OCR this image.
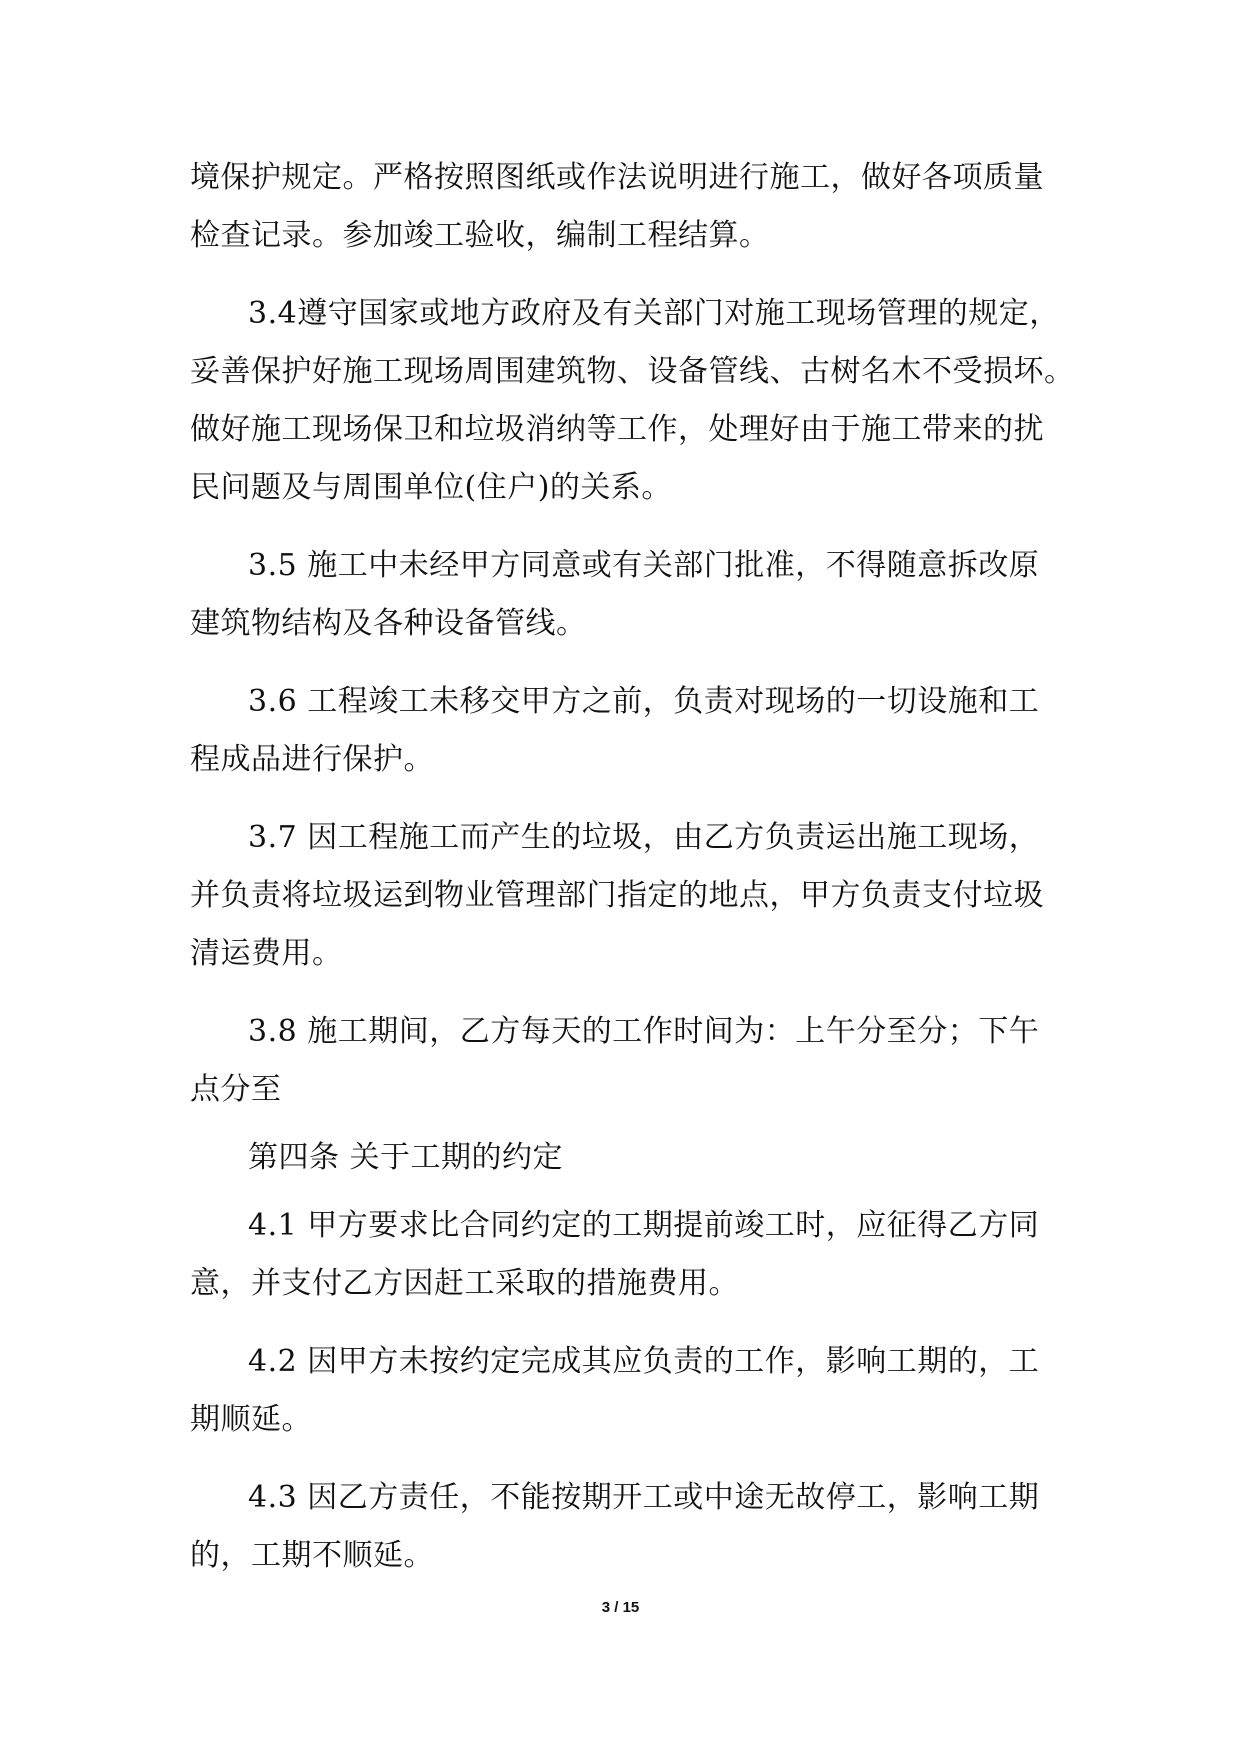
境保护规定。严格按照图纸或作法说明进行施工，做好各项质量
检查记录。参加竣工验收，编制工程结算。
3.4遵守国家或地方政府及有关部门对施工现场管理的规定，
妥善保护好施工现场周围建筑物、设备管线、古树名木不受损坏。
做好施工现场保卫和垃圾消纳等工作，处理好由于施工带来的扰
民问题及与周围单位(住户)的关系。
3.5 施工中未经甲方同意或有关部门批准，不得随意拆改原
建筑物结构及各种设备管线。
3.6 工程竣工未移交甲方之前，负责对现场的一切设施和工
程成品进行保护。
3.7 因工程施工而产生的垃圾，由乙方负责运出施工现场，
并负责将垃圾运到物业管理部门指定的地点，甲方负责支付垃圾
清运费用。
3.8 施工期间，乙方每天的工作时间为：上午分至分；下午
点分至
第四条 关于工期的约定
4.1 甲方要求比合同约定的工期提前竣工时，应征得乙方同
意，并支付乙方因赶工采取的措施费用。
4.2 因甲方未按约定完成其应负责的工作，影响工期的，工
期顺延。
4.3 因乙方责任，不能按期开工或中途无故停工，影响工期
的，工期不顺延。
3 / 15
